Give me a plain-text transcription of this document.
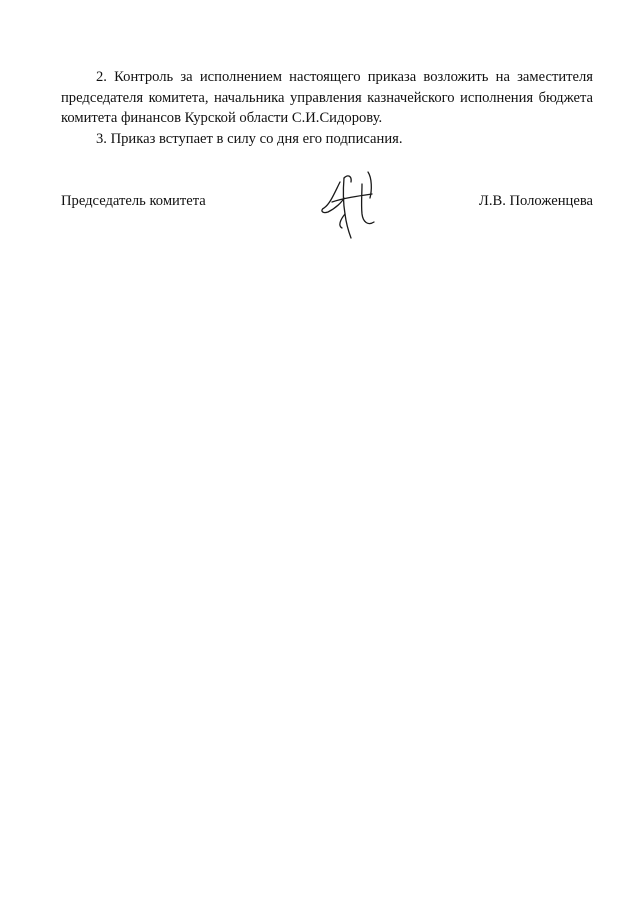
2. Контроль за исполнением настоящего приказа возложить на заместителя председателя комитета, начальника управления казначейского исполнения бюджета комитета финансов Курской области С.И.Сидорову.

3. Приказ вступает в силу со дня его подписания.

Председатель комитета	Л.В. Положенцева
